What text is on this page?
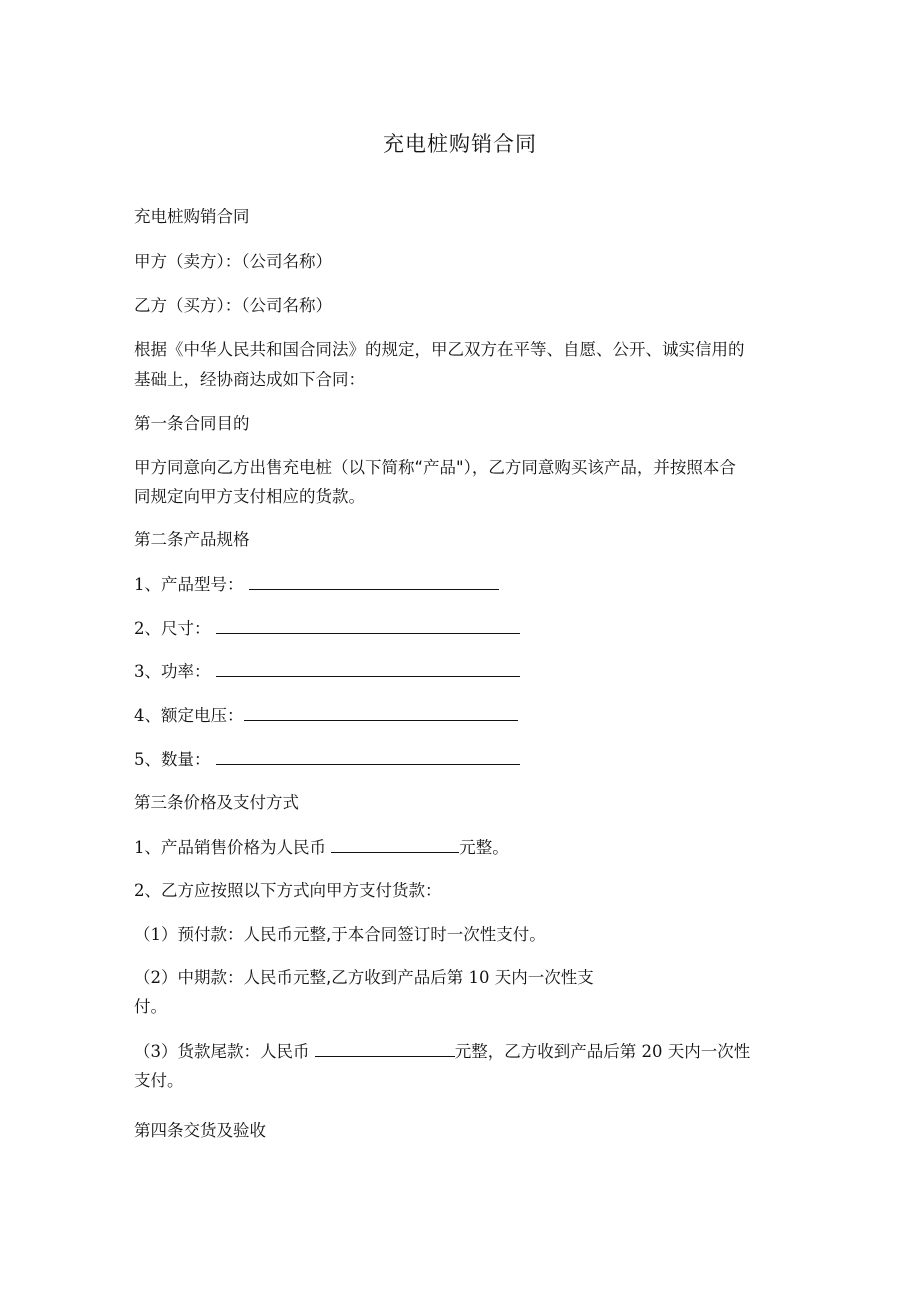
充电桩购销合同
充电桩购销合同
甲方（卖方）：（公司名称）
乙方（买方）：（公司名称）
根据《中华人民共和国合同法》的规定，甲乙双方在平等、自愿、公开、诚实信用的
基础上，经协商达成如下合同：
第一条合同目的
甲方同意向乙方出售充电桩（以下简称“产品"），乙方同意购买该产品，并按照本合
同规定向甲方支付相应的货款。
第二条产品规格
1、产品型号：
2、尺寸：
3、功率：
4、额定电压：
5、数量：
第三条价格及支付方式
1、产品销售价格为人民币	元整。
2、乙方应按照以下方式向甲方支付货款：
（1）预付款：人民币元整,于本合同签订时一次性支付。
（2）中期款：人民币元整,乙方收到产品后第 10 天内一次性支
付。
（3）货款尾款：人民币	元整，乙方收到产品后第 20 天内一次性
支付。
第四条交货及验收
